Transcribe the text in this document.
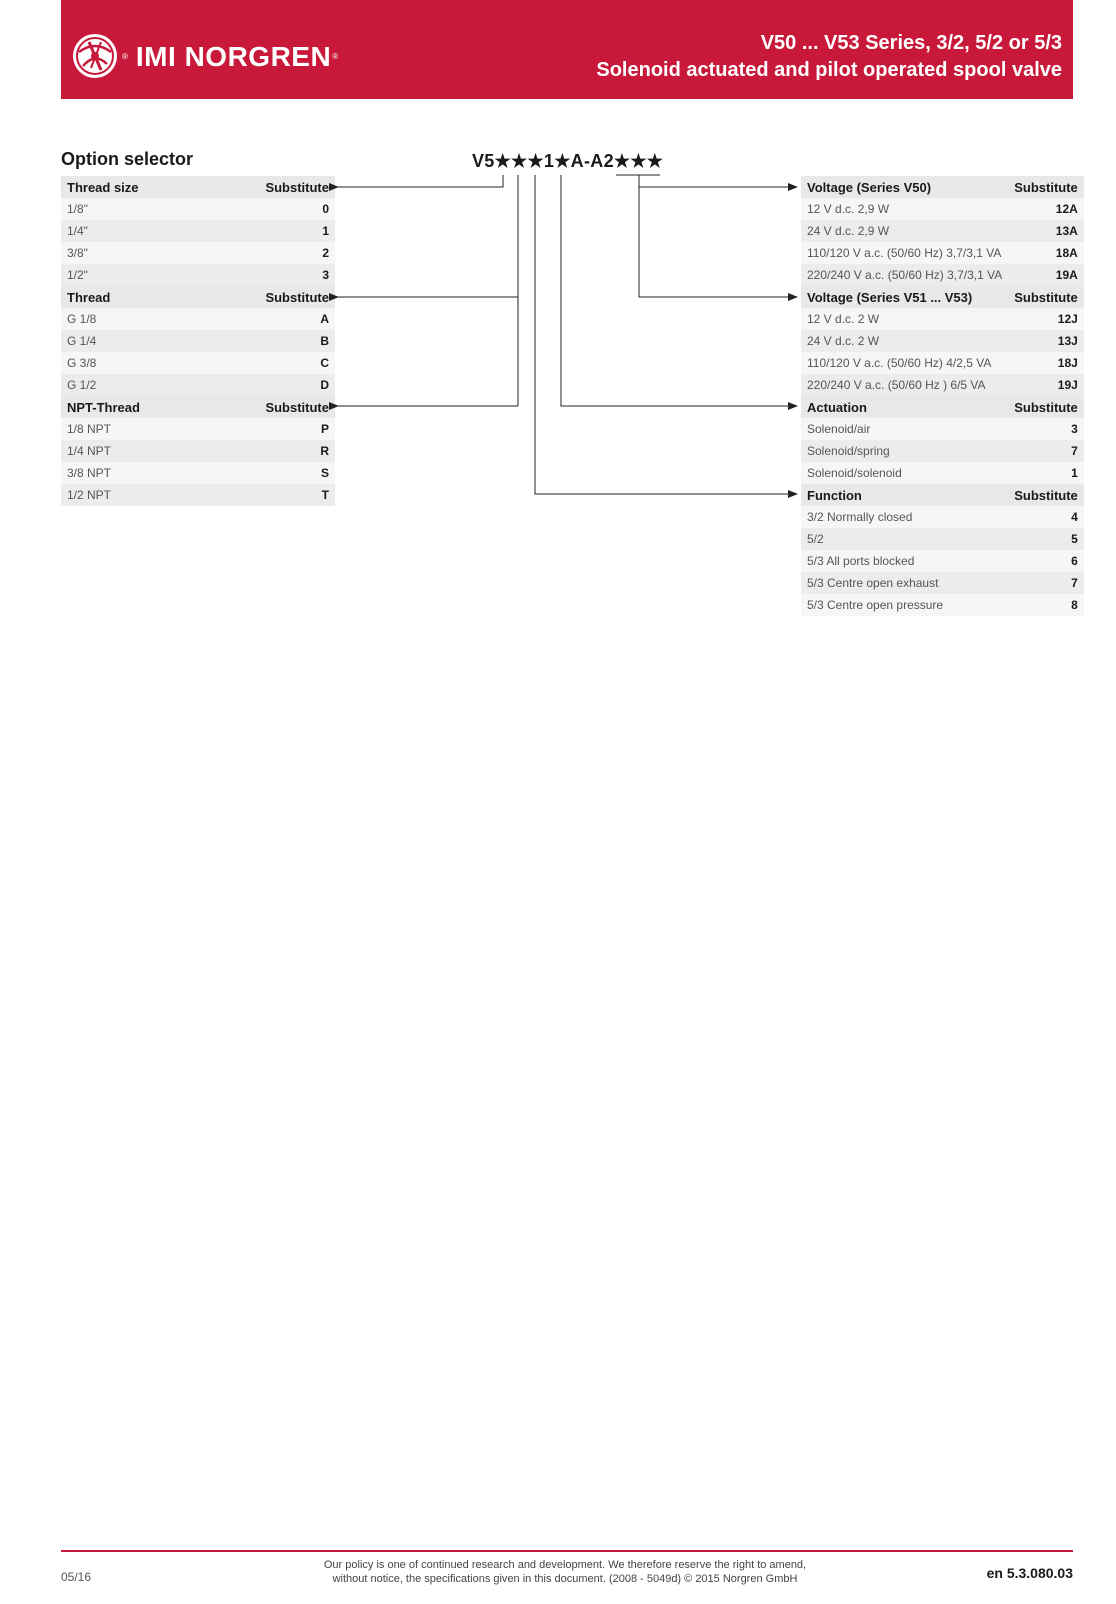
® IMI NORGREN ®
V50 ... V53 Series, 3/2, 5/2 or 5/3
Solenoid actuated and pilot operated spool valve
Option selector	V5★★★1★A-A2★★★
Thread size	Substitute
1/8"	0
1/4"	1
3/8"	2
1/2"	3
Thread	Substitute
G 1/8	A
G 1/4	B
G 3/8	C
G 1/2	D
NPT-Thread	Substitute
1/8 NPT	P
1/4 NPT	R
3/8 NPT	S
1/2 NPT	T
Voltage (Series V50)	Substitute
12 V d.c. 2,9 W	12A
24 V d.c. 2,9 W	13A
110/120 V a.c. (50/60 Hz) 3,7/3,1 VA	18A
220/240 V a.c. (50/60 Hz) 3,7/3,1 VA	19A
Voltage (Series V51 ... V53)	Substitute
12 V d.c. 2 W	12J
24 V d.c. 2 W	13J
110/120 V a.c. (50/60 Hz) 4/2,5 VA	18J
220/240 V a.c. (50/60 Hz ) 6/5 VA	19J
Actuation	Substitute
Solenoid/air	3
Solenoid/spring	7
Solenoid/solenoid	1
Function	Substitute
3/2 Normally closed	4
5/2	5
5/3 All ports blocked	6
5/3 Centre open exhaust	7
5/3 Centre open pressure	8
05/16
Our policy is one of continued research and development. We therefore reserve the right to amend,
without notice, the specifications given in this document. (2008 - 5049d) © 2015 Norgren GmbH	en 5.3.080.03
